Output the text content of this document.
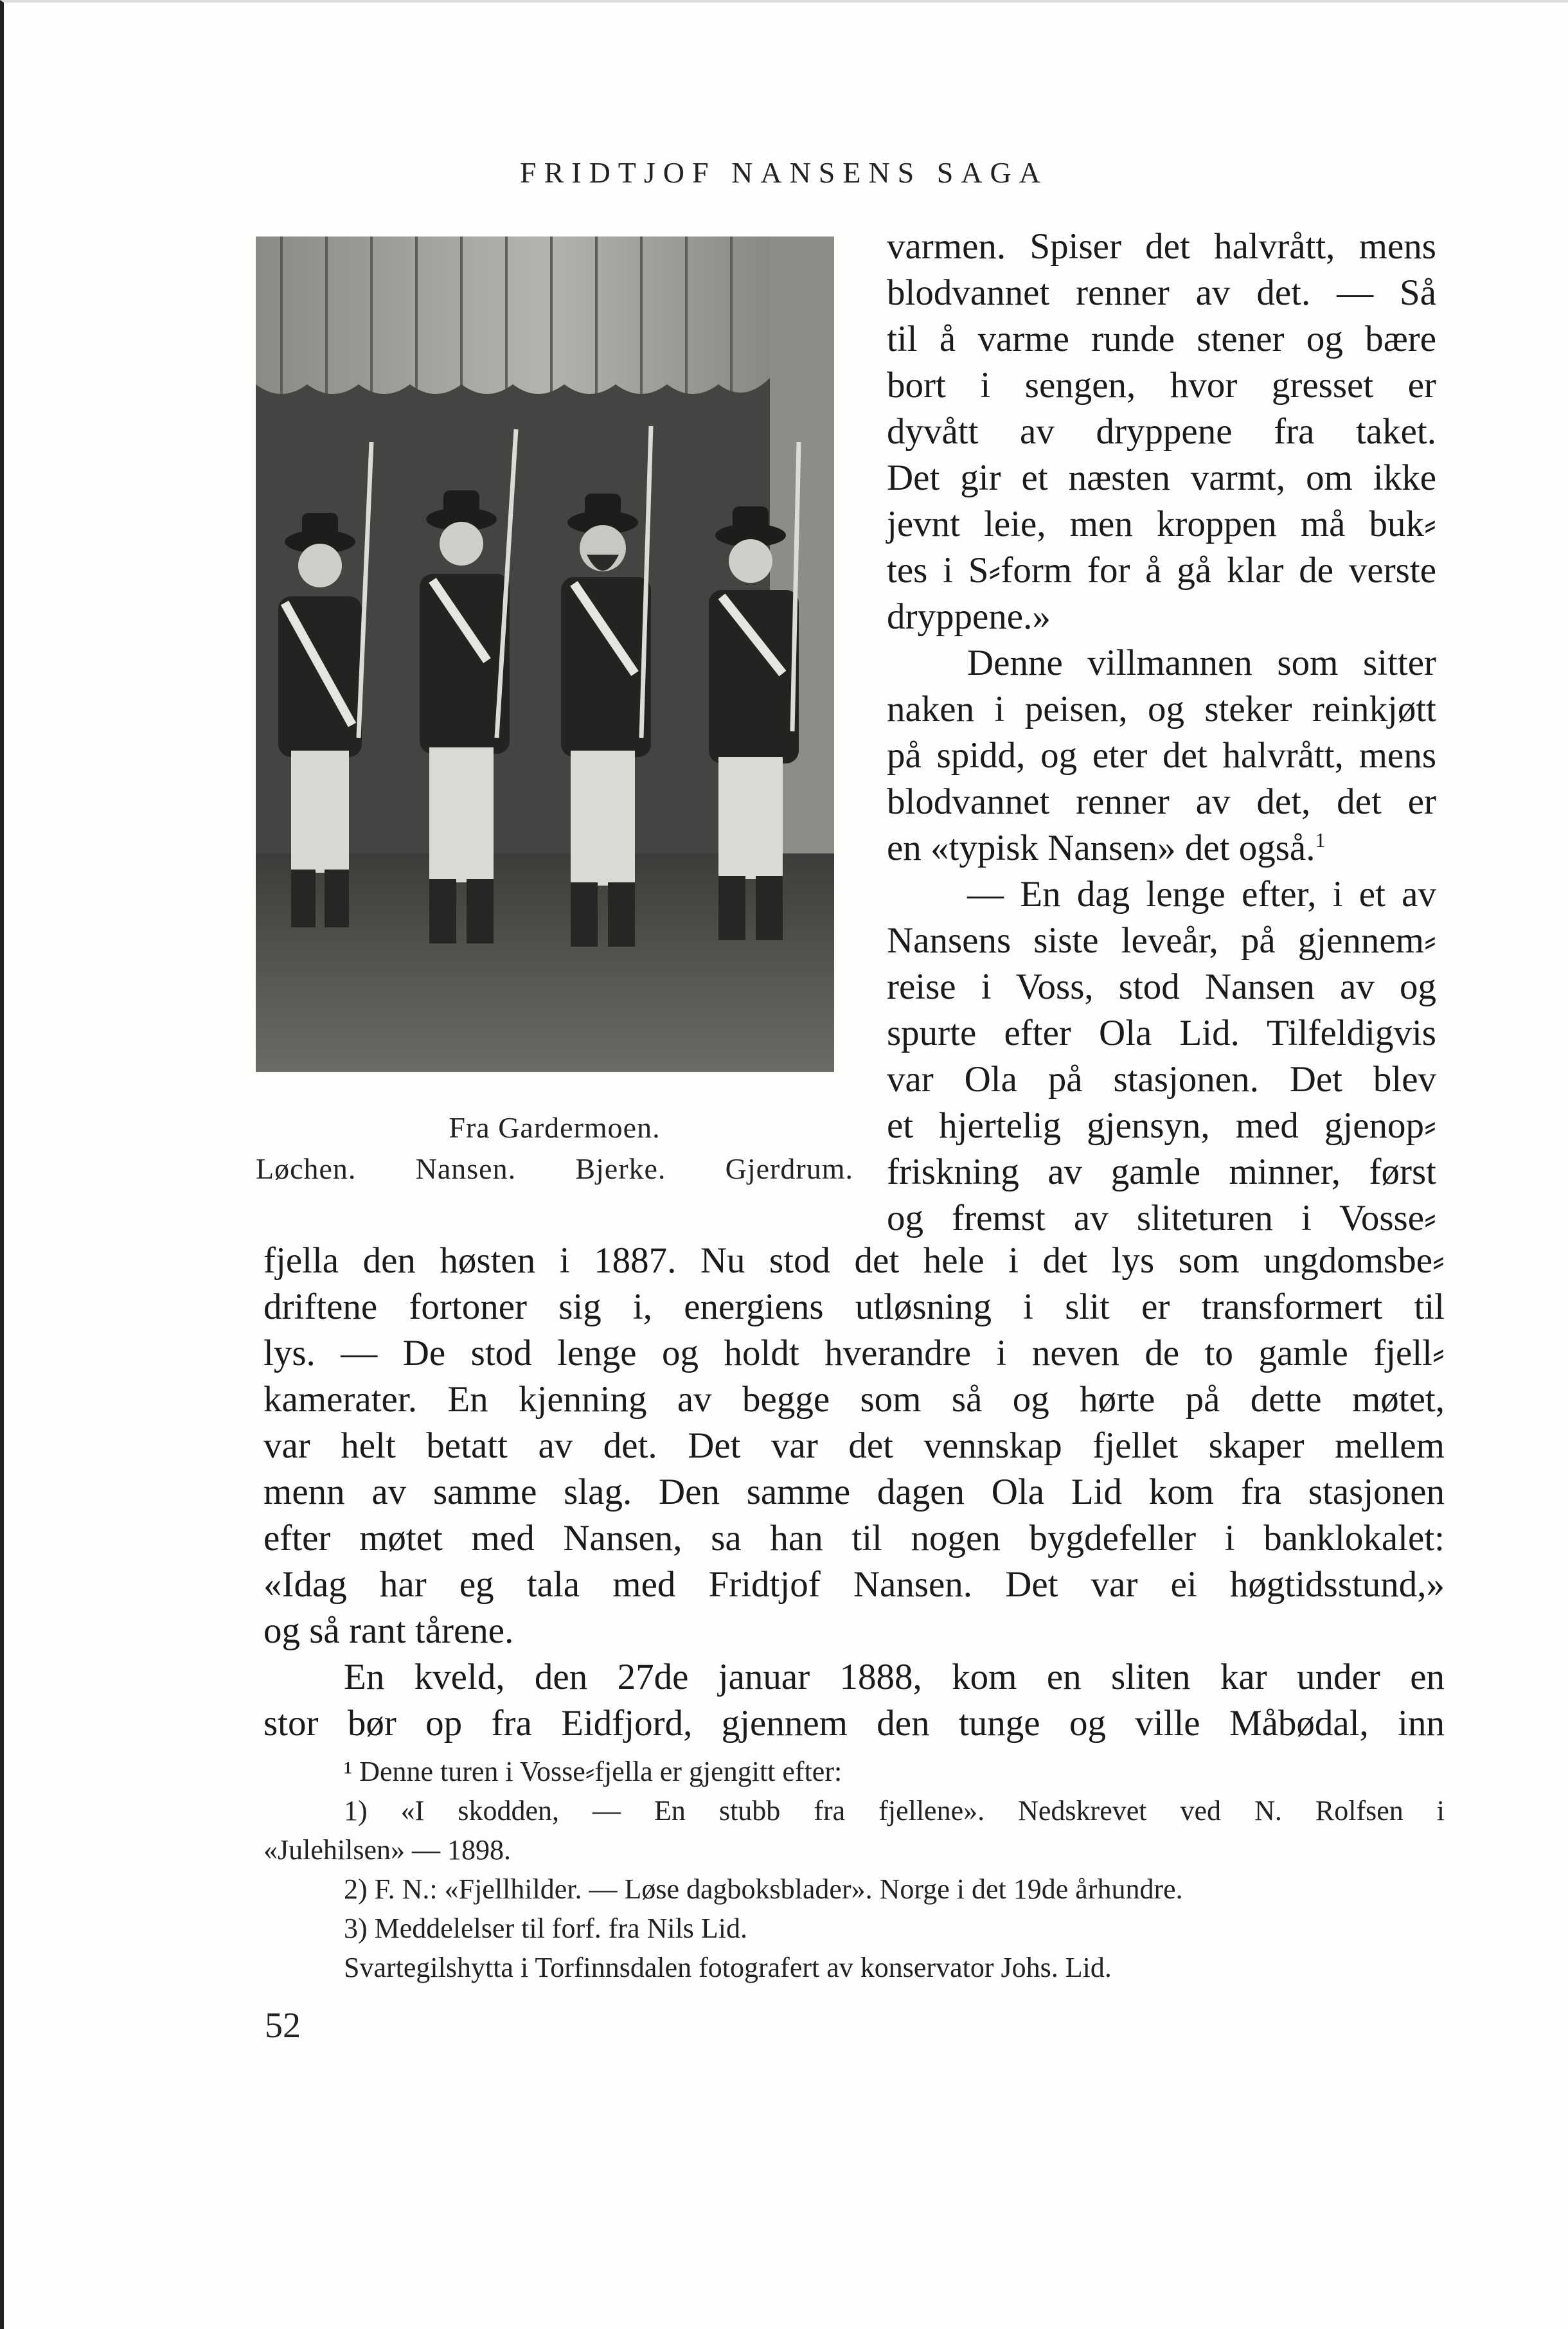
FRIDTJOF NANSENS SAGA
Fra Gardermoen.
Løchen. Nansen. Bjerke. Gjerdrum.
varmen. Spiser det halvrått, mens
blodvannet renner av det. — Så
til å varme runde stener og bære
bort i sengen, hvor gresset er
dyvått av dryppene fra taket.
Det gir et næsten varmt, om ikke
jevnt leie, men kroppen må buk⸗
tes i S⸗form for å gå klar de verste
dryppene.»
Denne villmannen som sitter
naken i peisen, og steker reinkjøtt
på spidd, og eter det halvrått, mens
blodvannet renner av det, det er
en «typisk Nansen» det også.$^1$
— En dag lenge efter, i et av
Nansens siste leveår, på gjennem⸗
reise i Voss, stod Nansen av og
spurte efter Ola Lid. Tilfeldigvis
var Ola på stasjonen. Det blev
et hjertelig gjensyn, med gjenop⸗
friskning av gamle minner, først
og fremst av sliteturen i Vosse⸗
fjella den høsten i 1887. Nu stod det hele i det lys som ungdomsbe⸗
driftene fortoner sig i, energiens utløsning i slit er transformert til
lys. — De stod lenge og holdt hverandre i neven de to gamle fjell⸗
kamerater. En kjenning av begge som så og hørte på dette møtet,
var helt betatt av det. Det var det vennskap fjellet skaper mellem
menn av samme slag. Den samme dagen Ola Lid kom fra stasjonen
efter møtet med Nansen, sa han til nogen bygdefeller i banklokalet:
«Idag har eg tala med Fridtjof Nansen. Det var ei høgtidsstund,»
og så rant tårene.
En kveld, den 27de januar 1888, kom en sliten kar under en
stor bør op fra Eidfjord, gjennem den tunge og ville Måbødal, inn
¹ Denne turen i Vosse⸗fjella er gjengitt efter:
1) «I skodden, — En stubb fra fjellene». Nedskrevet ved N. Rolfsen i
«Julehilsen» — 1898.
2) F. N.: «Fjellhilder. — Løse dagboksblader». Norge i det 19de århundre.
3) Meddelelser til forf. fra Nils Lid.
Svartegilshytta i Torfinnsdalen fotografert av konservator Johs. Lid.
52
